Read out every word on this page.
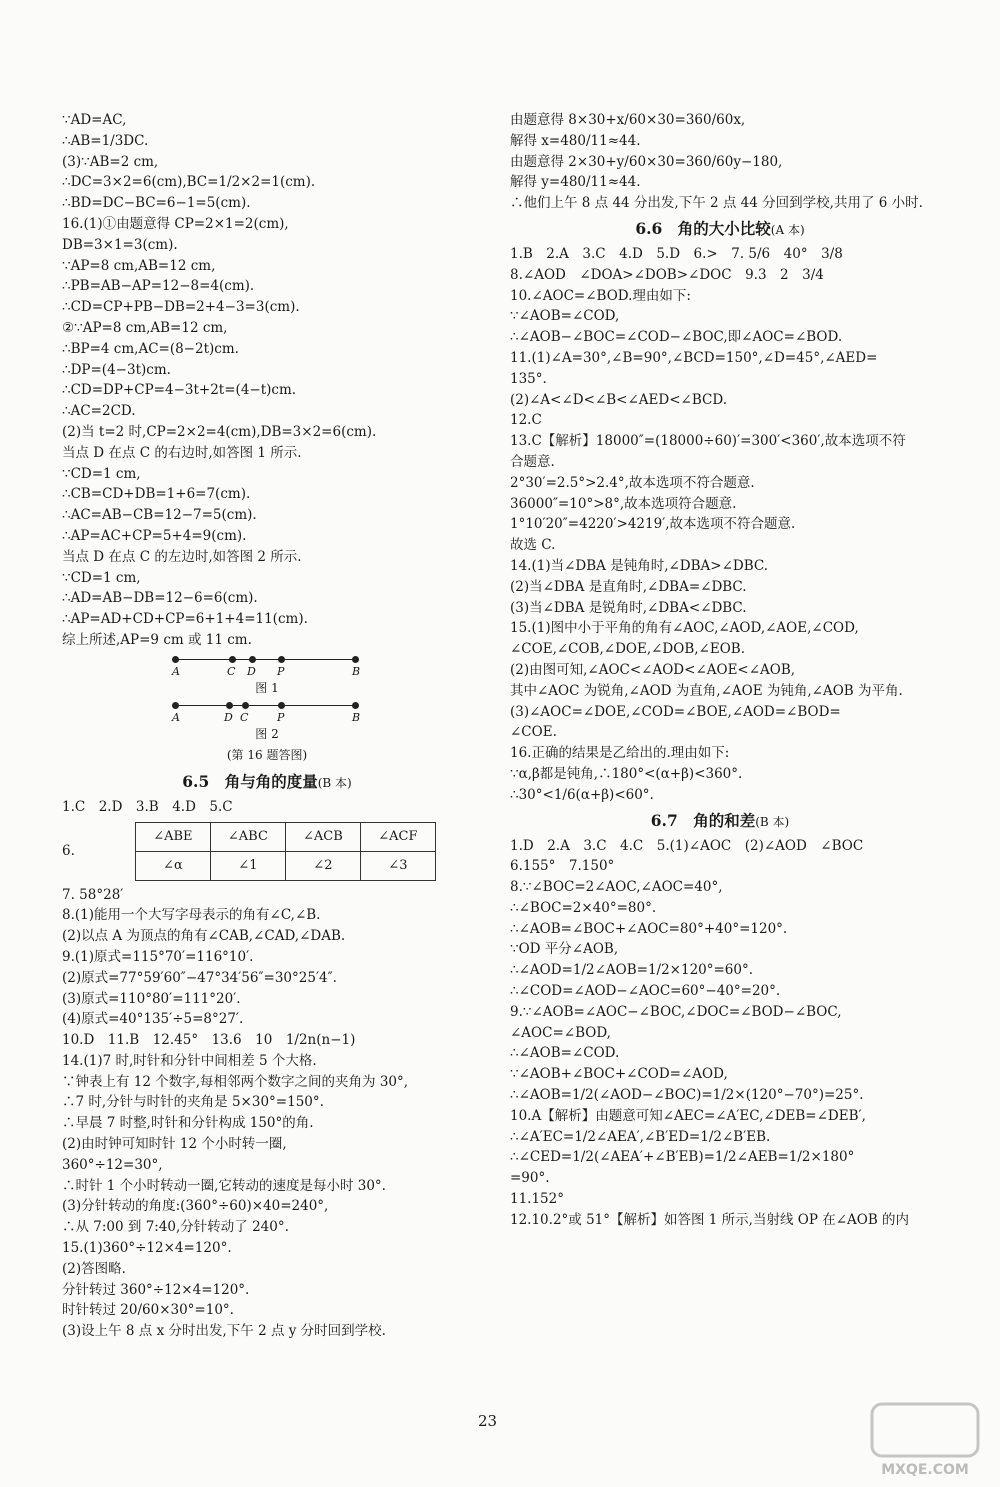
∵AD=AC,
∴AB=1/3DC.
(3)∵AB=2 cm,
∴DC=3×2=6(cm),BC=1/2×2=1(cm).
∴BD=DC−BC=6−1=5(cm).
16.(1)①由题意得 CP=2×1=2(cm),
DB=3×1=3(cm).
∵AP=8 cm,AB=12 cm,
∴PB=AB−AP=12−8=4(cm).
∴CD=CP+PB−DB=2+4−3=3(cm).
②∵AP=8 cm,AB=12 cm,
∴BP=4 cm,AC=(8−2t)cm.
∴DP=(4−3t)cm.
∴CD=DP+CP=4−3t+2t=(4−t)cm.
∴AC=2CD.
(2)当 t=2 时,CP=2×2=4(cm),DB=3×2=6(cm).
当点 D 在点 C 的右边时,如答图 1 所示.
∵CD=1 cm,
∴CB=CD+DB=1+6=7(cm).
∴AC=AB−CB=12−7=5(cm).
∴AP=AC+CP=5+4=9(cm).
当点 D 在点 C 的左边时,如答图 2 所示.
∵CD=1 cm,
∴AD=AB−DB=12−6=6(cm).
∴AP=AD+CD+CP=6+1+4=11(cm).
综上所述,AP=9 cm 或 11 cm.
A	C D P	B
图 1
A	D C	P	B
图 2
(第 16 题答图)
6.5　角与角的度量(B 本)
1.C　2.D　3.B　4.D　5.C
6.
∠ABE	∠ABC	∠ACB	∠ACF
∠α	∠1	∠2	∠3
7. 58°28′
8.(1)能用一个大写字母表示的角有∠C,∠B.
(2)以点 A 为顶点的角有∠CAB,∠CAD,∠DAB.
9.(1)原式=115°70′=116°10′.
(2)原式=77°59′60″−47°34′56″=30°25′4″.
(3)原式=110°80′=111°20′.
(4)原式=40°135′÷5=8°27′.
10.D　11.B　12.45°　13.6　10　1/2n(n−1)
14.(1)7 时,时针和分针中间相差 5 个大格.
∵钟表上有 12 个数字,每相邻两个数字之间的夹角为 30°,
∴7 时,分针与时针的夹角是 5×30°=150°.
∴早晨 7 时整,时针和分针构成 150°的角.
(2)由时钟可知时针 12 个小时转一圈,
360°÷12=30°,
∴时针 1 个小时转动一圈,它转动的速度是每小时 30°.
(3)分针转动的角度:(360°÷60)×40=240°,
∴从 7:00 到 7:40,分针转动了 240°.
15.(1)360°÷12×4=120°.
(2)答图略.
分针转过 360°÷12×4=120°.
时针转过 20/60×30°=10°.
(3)设上午 8 点 x 分时出发,下午 2 点 y 分时回到学校.
由题意得 8×30+x/60×30=360/60x,
解得 x=480/11≈44.
由题意得 2×30+y/60×30=360/60y−180,
解得 y=480/11≈44.
∴他们上午 8 点 44 分出发,下午 2 点 44 分回到学校,共用了 6 小时.
6.6　角的大小比较(A 本)
1.B　2.A　3.C　4.D　5.D　6.>　7. 5/6　40°　3/8
8.∠AOD　∠DOA>∠DOB>∠DOC　9.3　2　3/4
10.∠AOC=∠BOD.理由如下:
∵∠AOB=∠COD,
∴∠AOB−∠BOC=∠COD−∠BOC,即∠AOC=∠BOD.
11.(1)∠A=30°,∠B=90°,∠BCD=150°,∠D=45°,∠AED=
135°.
(2)∠A<∠D<∠B<∠AED<∠BCD.
12.C
13.C【解析】18000″=(18000÷60)′=300′<360′,故本选项不符
合题意.
2°30′=2.5°>2.4°,故本选项不符合题意.
36000″=10°>8°,故本选项符合题意.
1°10′20″=4220′>4219′,故本选项不符合题意.
故选 C.
14.(1)当∠DBA 是钝角时,∠DBA>∠DBC.
(2)当∠DBA 是直角时,∠DBA=∠DBC.
(3)当∠DBA 是锐角时,∠DBA<∠DBC.
15.(1)图中小于平角的角有∠AOC,∠AOD,∠AOE,∠COD,
∠COE,∠COB,∠DOE,∠DOB,∠EOB.
(2)由图可知,∠AOC<∠AOD<∠AOE<∠AOB,
其中∠AOC 为锐角,∠AOD 为直角,∠AOE 为钝角,∠AOB 为平角.
(3)∠AOC=∠DOE,∠COD=∠BOE,∠AOD=∠BOD=
∠COE.
16.正确的结果是乙给出的.理由如下:
∵α,β都是钝角,∴180°<(α+β)<360°.
∴30°<1/6(α+β)<60°.
6.7　角的和差(B 本)
1.D　2.A　3.C　4.C　5.(1)∠AOC　(2)∠AOD　∠BOC
6.155°　7.150°
8.∵∠BOC=2∠AOC,∠AOC=40°,
∴∠BOC=2×40°=80°.
∴∠AOB=∠BOC+∠AOC=80°+40°=120°.
∵OD 平分∠AOB,
∴∠AOD=1/2∠AOB=1/2×120°=60°.
∴∠COD=∠AOD−∠AOC=60°−40°=20°.
9.∵∠AOB=∠AOC−∠BOC,∠DOC=∠BOD−∠BOC,
∠AOC=∠BOD,
∴∠AOB=∠COD.
∵∠AOB+∠BOC+∠COD=∠AOD,
∴∠AOB=1/2(∠AOD−∠BOC)=1/2×(120°−70°)=25°.
10.A【解析】由题意可知∠AEC=∠A′EC,∠DEB=∠DEB′,
∴∠A′EC=1/2∠AEA′,∠B′ED=1/2∠B′EB.
∴∠CED=1/2(∠AEA′+∠B′EB)=1/2∠AEB=1/2×180°
=90°.
11.152°
12.10.2°或 51°【解析】如答图 1 所示,当射线 OP 在∠AOB 的内
23
MXQE.COM
